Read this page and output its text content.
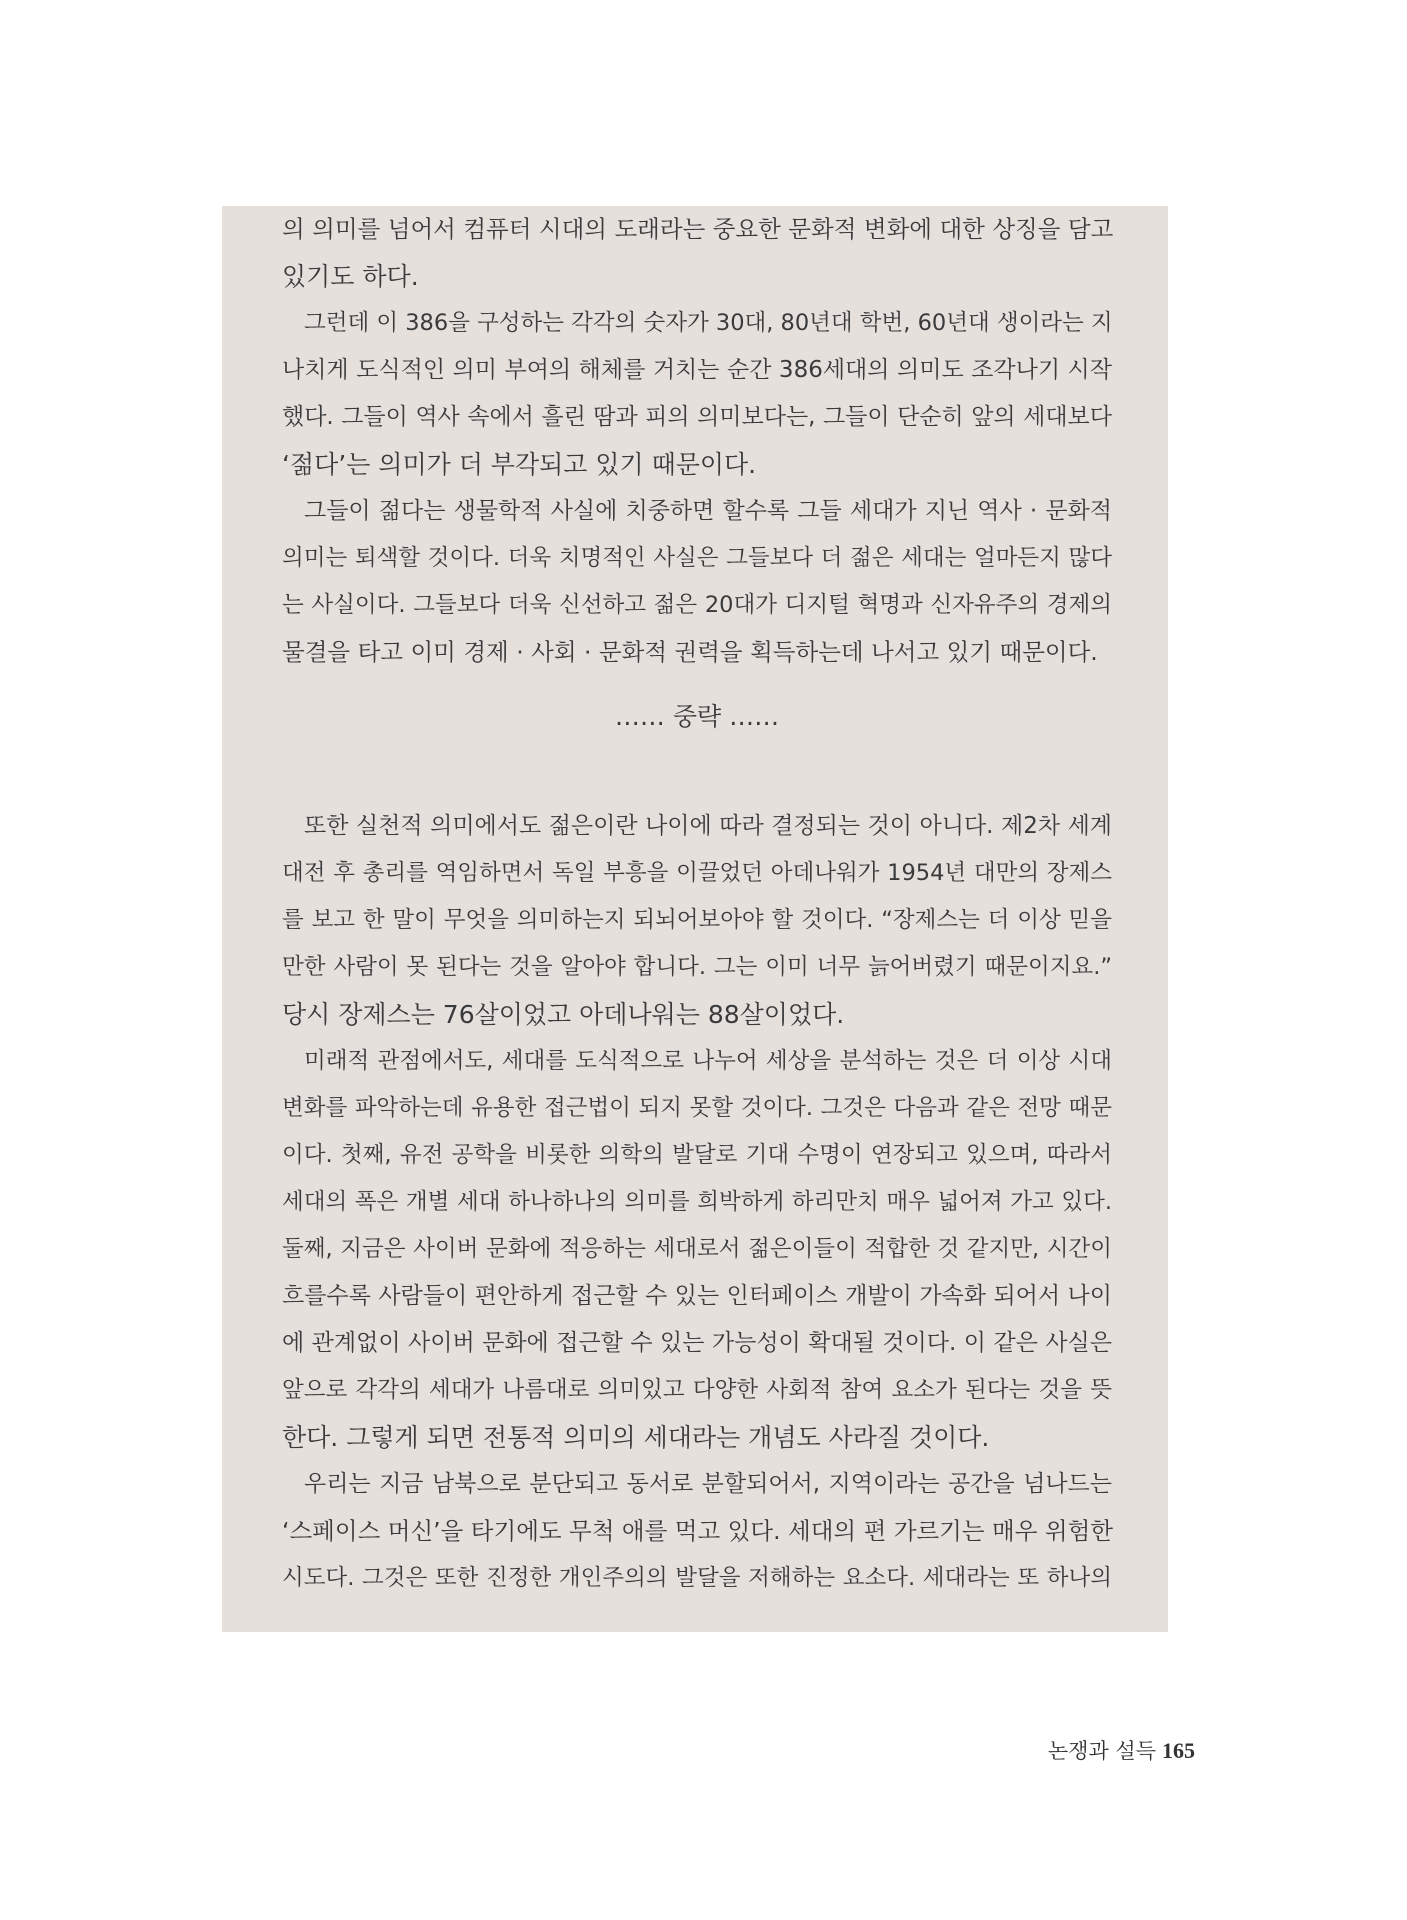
의 의미를 넘어서 컴퓨터 시대의 도래라는 중요한 문화적 변화에 대한 상징을 담고
있기도 하다.
그런데 이 386을 구성하는 각각의 숫자가 30대, 80년대 학번, 60년대 생이라는 지
나치게 도식적인 의미 부여의 해체를 거치는 순간 386세대의 의미도 조각나기 시작
했다. 그들이 역사 속에서 흘린 땀과 피의 의미보다는, 그들이 단순히 앞의 세대보다
‘젊다’는 의미가 더 부각되고 있기 때문이다.
그들이 젊다는 생물학적 사실에 치중하면 할수록 그들 세대가 지닌 역사 · 문화적
의미는 퇴색할 것이다. 더욱 치명적인 사실은 그들보다 더 젊은 세대는 얼마든지 많다
는 사실이다. 그들보다 더욱 신선하고 젊은 20대가 디지털 혁명과 신자유주의 경제의
물결을 타고 이미 경제 · 사회 · 문화적 권력을 획득하는데 나서고 있기 때문이다.
…… 중략 ……
또한 실천적 의미에서도 젊은이란 나이에 따라 결정되는 것이 아니다. 제2차 세계
대전 후 총리를 역임하면서 독일 부흥을 이끌었던 아데나워가 1954년 대만의 장제스
를 보고 한 말이 무엇을 의미하는지 되뇌어보아야 할 것이다. “장제스는 더 이상 믿을
만한 사람이 못 된다는 것을 알아야 합니다. 그는 이미 너무 늙어버렸기 때문이지요.”
당시 장제스는 76살이었고 아데나워는 88살이었다.
미래적 관점에서도, 세대를 도식적으로 나누어 세상을 분석하는 것은 더 이상 시대
변화를 파악하는데 유용한 접근법이 되지 못할 것이다. 그것은 다음과 같은 전망 때문
이다. 첫째, 유전 공학을 비롯한 의학의 발달로 기대 수명이 연장되고 있으며, 따라서
세대의 폭은 개별 세대 하나하나의 의미를 희박하게 하리만치 매우 넓어져 가고 있다.
둘째, 지금은 사이버 문화에 적응하는 세대로서 젊은이들이 적합한 것 같지만, 시간이
흐를수록 사람들이 편안하게 접근할 수 있는 인터페이스 개발이 가속화 되어서 나이
에 관계없이 사이버 문화에 접근할 수 있는 가능성이 확대될 것이다. 이 같은 사실은
앞으로 각각의 세대가 나름대로 의미있고 다양한 사회적 참여 요소가 된다는 것을 뜻
한다. 그렇게 되면 전통적 의미의 세대라는 개념도 사라질 것이다.
우리는 지금 남북으로 분단되고 동서로 분할되어서, 지역이라는 공간을 넘나드는
‘스페이스 머신’을 타기에도 무척 애를 먹고 있다. 세대의 편 가르기는 매우 위험한
시도다. 그것은 또한 진정한 개인주의의 발달을 저해하는 요소다. 세대라는 또 하나의
논쟁과 설득 165
